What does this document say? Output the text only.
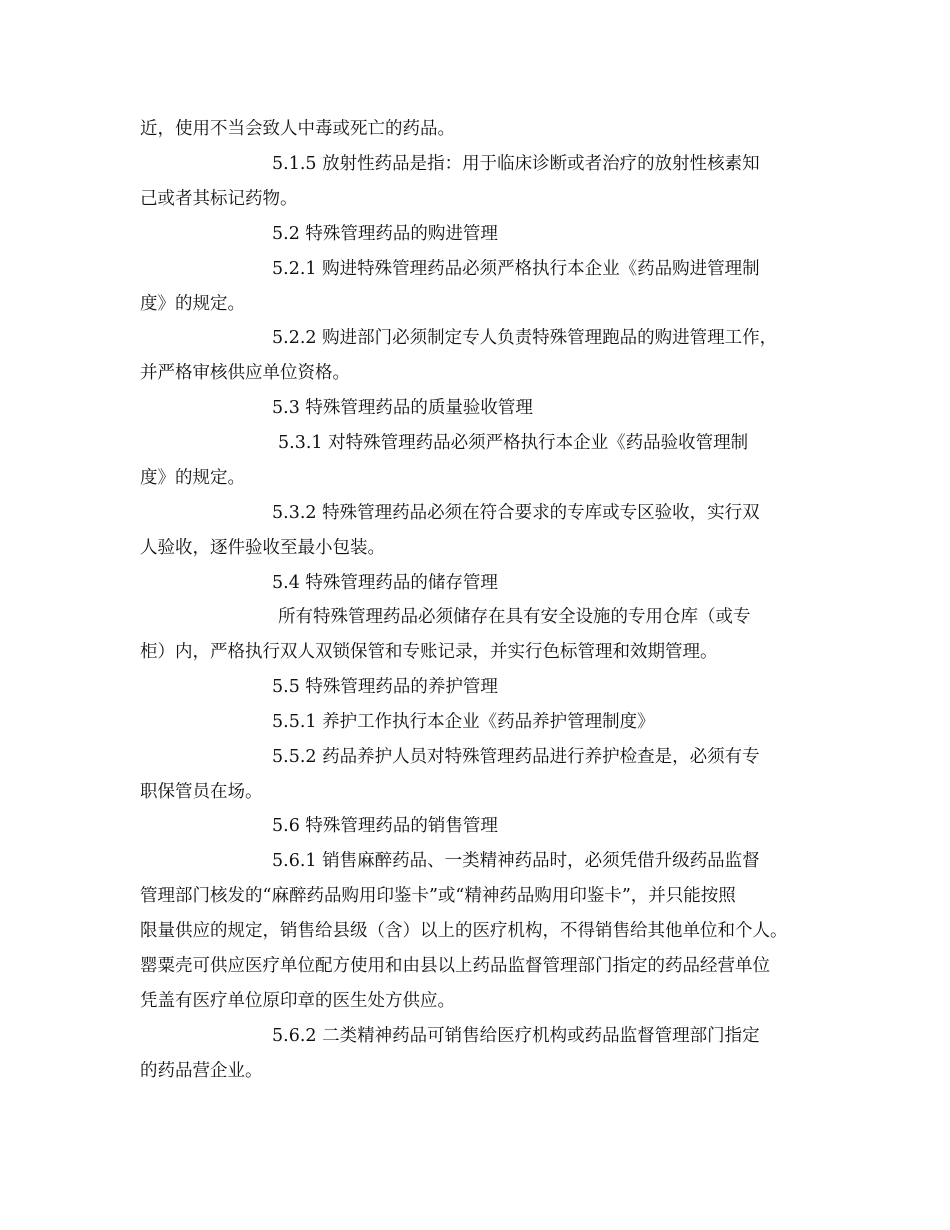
近，使用不当会致人中毒或死亡的药品。
5.1.5 放射性药品是指：用于临床诊断或者治疗的放射性核素知
己或者其标记药物。
5.2 特殊管理药品的购进管理
5.2.1 购进特殊管理药品必须严格执行本企业《药品购进管理制
度》的规定。
5.2.2 购进部门必须制定专人负责特殊管理跑品的购进管理工作，
并严格审核供应单位资格。
5.3 特殊管理药品的质量验收管理
5.3.1 对特殊管理药品必须严格执行本企业《药品验收管理制
度》的规定。
5.3.2 特殊管理药品必须在符合要求的专库或专区验收，实行双
人验收，逐件验收至最小包装。
5.4 特殊管理药品的储存管理
所有特殊管理药品必须储存在具有安全设施的专用仓库（或专
柜）内，严格执行双人双锁保管和专账记录，并实行色标管理和效期管理。
5.5 特殊管理药品的养护管理
5.5.1 养护工作执行本企业《药品养护管理制度》
5.5.2 药品养护人员对特殊管理药品进行养护检查是，必须有专
职保管员在场。
5.6 特殊管理药品的销售管理
5.6.1 销售麻醉药品、一类精神药品时，必须凭借升级药品监督
管理部门核发的“麻醉药品购用印鉴卡”或“精神药品购用印鉴卡”，并只能按照
限量供应的规定，销售给县级（含）以上的医疗机构，不得销售给其他单位和个人。
罂粟壳可供应医疗单位配方使用和由县以上药品监督管理部门指定的药品经营单位
凭盖有医疗单位原印章的医生处方供应。
5.6.2 二类精神药品可销售给医疗机构或药品监督管理部门指定
的药品营企业。
